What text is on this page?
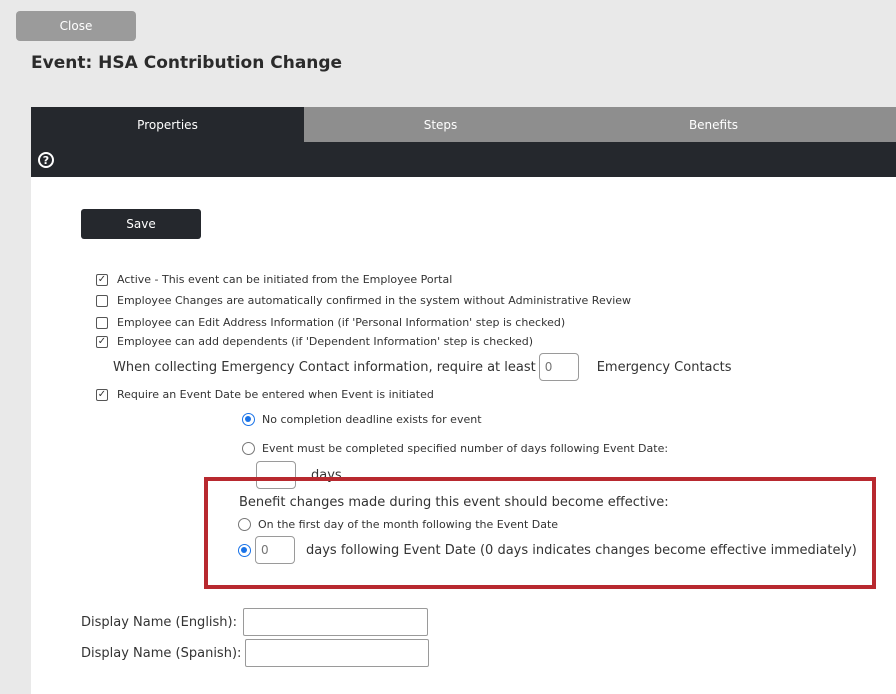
Close
Event: HSA Contribution Change
Properties	Steps	Benefits
?
Save
✓ Active - This event can be initiated from the Employee Portal
Employee Changes are automatically confirmed in the system without Administrative Review
Employee can Edit Address Information (if 'Personal Information' step is checked)
✓ Employee can add dependents (if 'Dependent Information' step is checked)
When collecting Emergency Contact information, require at least
0	Emergency Contacts
✓ Require an Event Date be entered when Event is initiated
No completion deadline exists for event
Event must be completed specified number of days following Event Date:
days
Benefit changes made during this event should become effective:
On the first day of the month following the Event Date
0
days following Event Date (0 days indicates changes become effective immediately)
Display Name (English):
Display Name (Spanish):
